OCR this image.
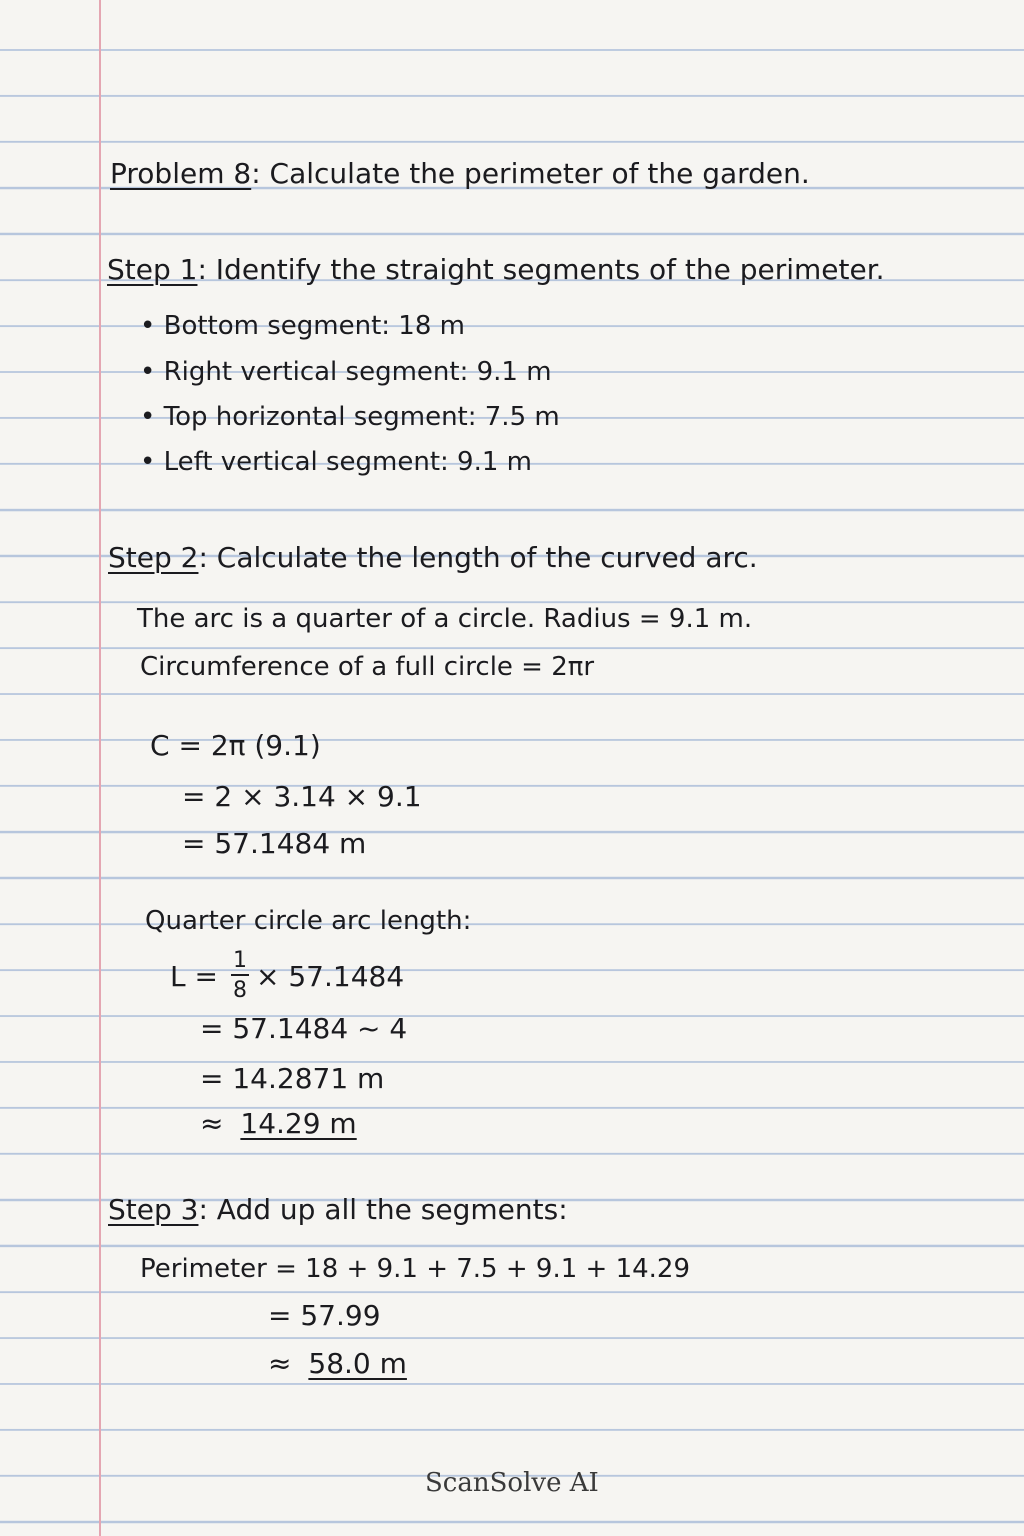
Problem 8: Calculate the perimeter of the garden.
Step 1: Identify the straight segments of the perimeter.
• Bottom segment: 18 m
• Right vertical segment: 9.1 m
• Top horizontal segment: 7.5 m
• Left vertical segment: 9.1 m
Step 2: Calculate the length of the curved arc.
The arc is a quarter of a circle. Radius = 9.1 m.
Circumference of a full circle = 2πr
C = 2π (9.1)
= 2 × 3.14 × 9.1
= 57.1484 m
Quarter circle arc length:
L = 1
8 × 57.1484
= 57.1484 ~ 4
= 14.2871 m
≈ 14.29 m
Step 3: Add up all the segments:
Perimeter = 18 + 9.1 + 7.5 + 9.1 + 14.29
= 57.99
≈ 58.0 m
ScanSolve AI
